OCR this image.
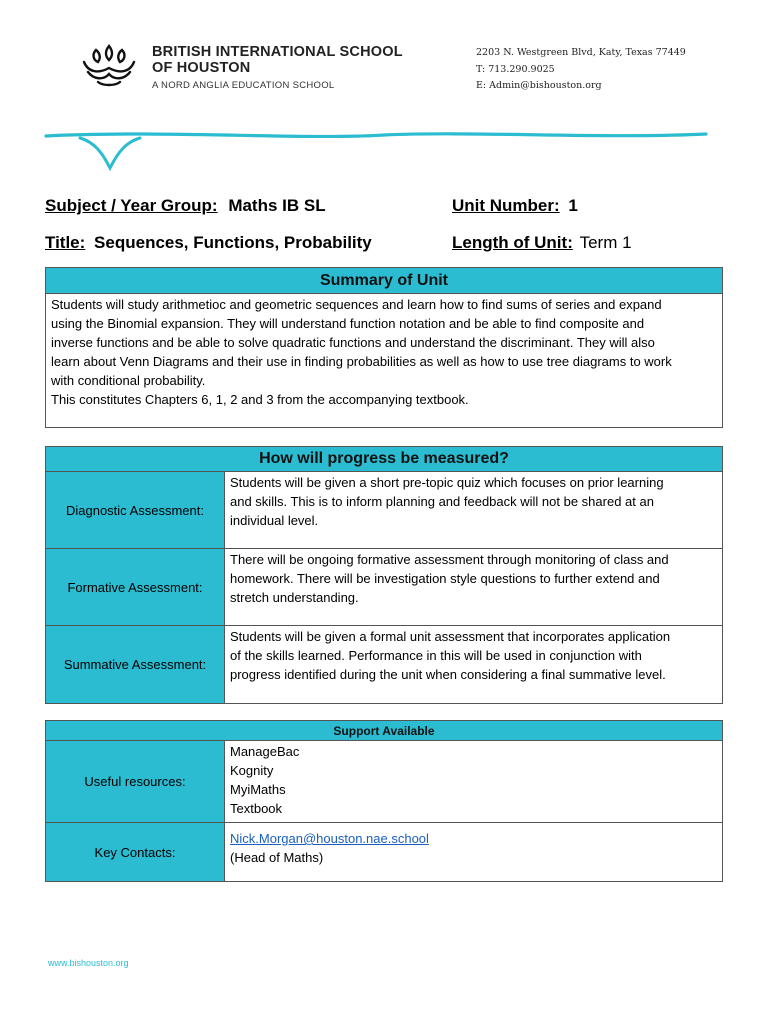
BRITISH INTERNATIONAL SCHOOL
OF HOUSTON
A NORD ANGLIA EDUCATION SCHOOL
2203 N. Westgreen Blvd, Katy, Texas 77449
T: 713.290.9025
E: Admin@bishouston.org
Subject / Year Group: Maths IB SL	Unit Number: 1
Title: Sequences, Functions, Probability	Length of Unit: Term 1
Summary of Unit

Students will study arithmetioc and geometric sequences and learn how to find sums of series and expand
using the Binomial expansion. They will understand function notation and be able to find composite and
inverse functions and be able to solve quadratic functions and understand the discriminant. They will also
learn about Venn Diagrams and their use in finding probabilities as well as how to use tree diagrams to work
with conditional probability.
This constitutes Chapters 6, 1, 2 and 3 from the accompanying textbook.
How will progress be measured?	
Diagnostic Assessment:	Students will be given a short pre-topic quiz which focuses on prior learning
and skills. This is to inform planning and feedback will not be shared at an
individual level.

Formative Assessment:	There will be ongoing formative assessment through monitoring of class and
homework. There will be investigation style questions to further extend and
stretch understanding.

Summative Assessment:	Students will be given a formal unit assessment that incorporates application
of the skills learned. Performance in this will be used in conjunction with
progress identified during the unit when considering a final summative level.
Support Available	
Useful resources:	ManageBac
Kognity
MyiMaths
Textbook

Key Contacts:	Nick.Morgan@houston.nae.school
(Head of Maths)
www.bishouston.org
